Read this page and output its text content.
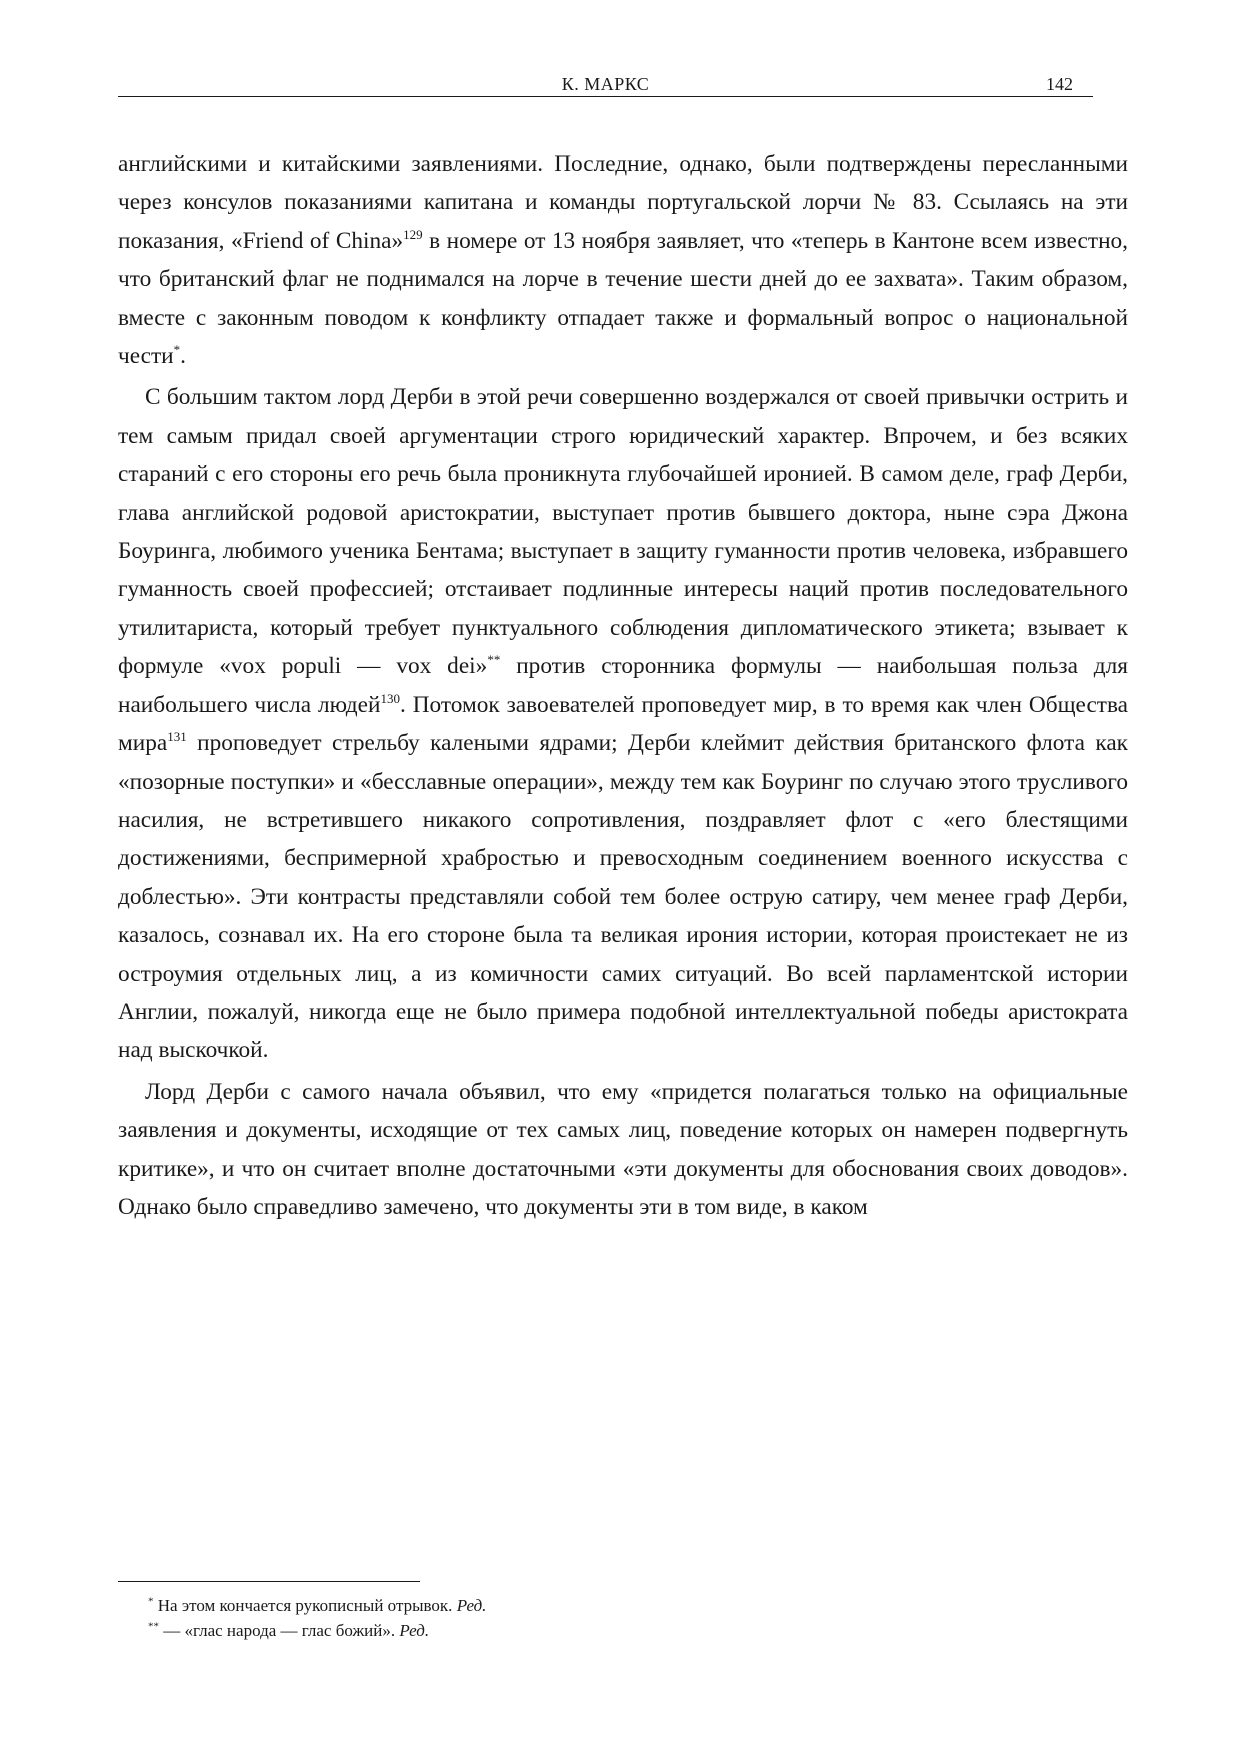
К. МАРКС	142

английскими и китайскими заявлениями. Последние, однако, были подтверждены пересланными через консулов показаниями капитана и команды португальской лорчи № 83. Ссылаясь на эти показания, «Friend of China»$^{129}$ в номере от 13 ноября заявляет, что «теперь в Кантоне всем известно, что британский флаг не поднимался на лорче в течение шести дней до ее захвата». Таким образом, вместе с законным поводом к конфликту отпадает также и формальный вопрос о национальной чести*.

С большим тактом лорд Дерби в этой речи совершенно воздержался от своей привычки острить и тем самым придал своей аргументации строго юридический характер. Впрочем, и без всяких стараний с его стороны его речь была проникнута глубочайшей иронией. В самом деле, граф Дерби, глава английской родовой аристократии, выступает против бывшего доктора, ныне сэра Джона Боуринга, любимого ученика Бентама; выступает в защиту гуманности против человека, избравшего гуманность своей профессией; отстаивает подлинные интересы наций против последовательного утилитариста, который требует пунктуального соблюдения дипломатического этикета; взывает к формуле «vox populi — vox dei»** против сторонника формулы — наибольшая польза для наибольшего числа людей$^{130}$. Потомок завоевателей проповедует мир, в то время как член Общества мира$^{131}$ проповедует стрельбу калеными ядрами; Дерби клеймит действия британского флота как «позорные поступки» и «бесславные операции», между тем как Боуринг по случаю этого трусливого насилия, не встретившего никакого сопротивления, поздравляет флот с «его блестящими достижениями, беспримерной храбростью и превосходным соединением военного искусства с доблестью». Эти контрасты представляли собой тем более острую сатиру, чем менее граф Дерби, казалось, сознавал их. На его стороне была та великая ирония истории, которая проистекает не из остроумия отдельных лиц, а из комичности самих ситуаций. Во всей парламентской истории Англии, пожалуй, никогда еще не было примера подобной интеллектуальной победы аристократа над выскочкой.

Лорд Дерби с самого начала объявил, что ему «придется полагаться только на официальные заявления и документы, исходящие от тех самых лиц, поведение которых он намерен подвергнуть критике», и что он считает вполне достаточными «эти документы для обоснования своих доводов». Однако было справедливо замечено, что документы эти в том виде, в каком

* На этом кончается рукописный отрывок. Ред.
** — «глас народа — глас божий». Ред.
